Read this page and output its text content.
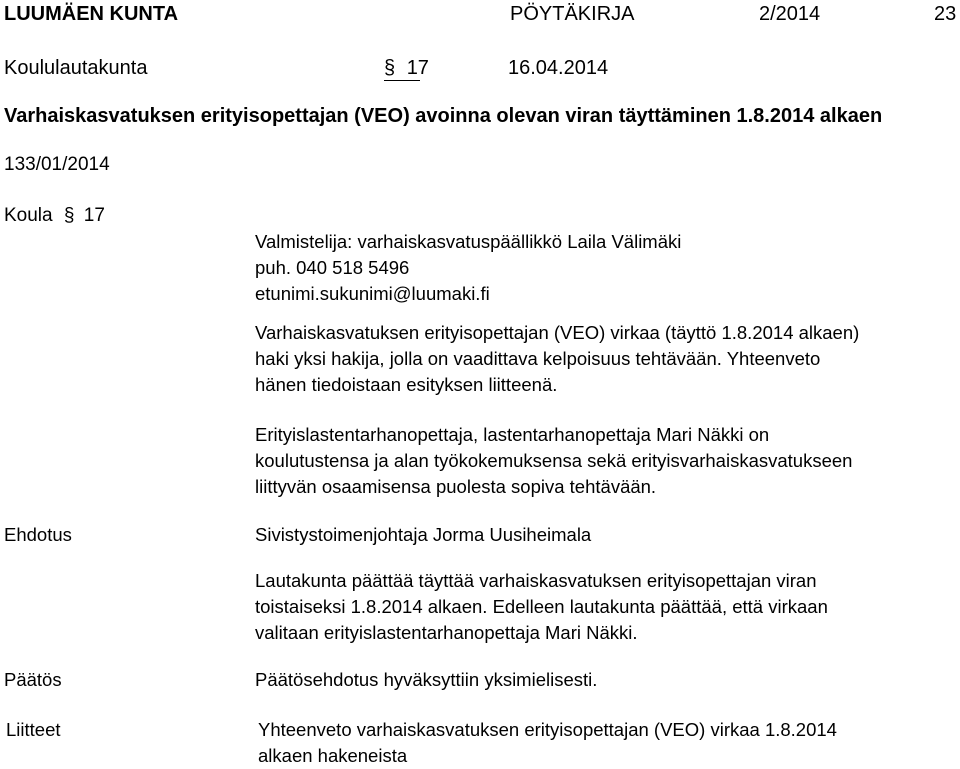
LUUMÄEN KUNTA	PÖYTÄKIRJA	2/2014	23
Koululautakunta	§ 17	16.04.2014
Varhaiskasvatuksen erityisopettajan (VEO) avoinna olevan viran täyttäminen 1.8.2014 alkaen
133/01/2014
Koula § 17
Valmistelija: varhaiskasvatuspäällikkö Laila Välimäki
puh. 040 518 5496
etunimi.sukunimi@luumaki.fi
Varhaiskasvatuksen erityisopettajan (VEO) virkaa (täyttö 1.8.2014 alkaen)
haki yksi hakija, jolla on vaadittava kelpoisuus tehtävään. Yhteenveto
hänen tiedoistaan esityksen liitteenä.
Erityislastentarhanopettaja, lastentarhanopettaja Mari Näkki on
koulutustensa ja alan työkokemuksensa sekä erityisvarhaiskasvatukseen
liittyvän osaamisensa puolesta sopiva tehtävään.
Ehdotus	Sivistystoimenjohtaja Jorma Uusiheimala
Lautakunta päättää täyttää varhaiskasvatuksen erityisopettajan viran
toistaiseksi 1.8.2014 alkaen. Edelleen lautakunta päättää, että virkaan
valitaan erityislastentarhanopettaja Mari Näkki.
Päätös	Päätösehdotus hyväksyttiin yksimielisesti.
Liitteet	Yhteenveto varhaiskasvatuksen erityisopettajan (VEO) virkaa 1.8.2014
alkaen hakeneista
